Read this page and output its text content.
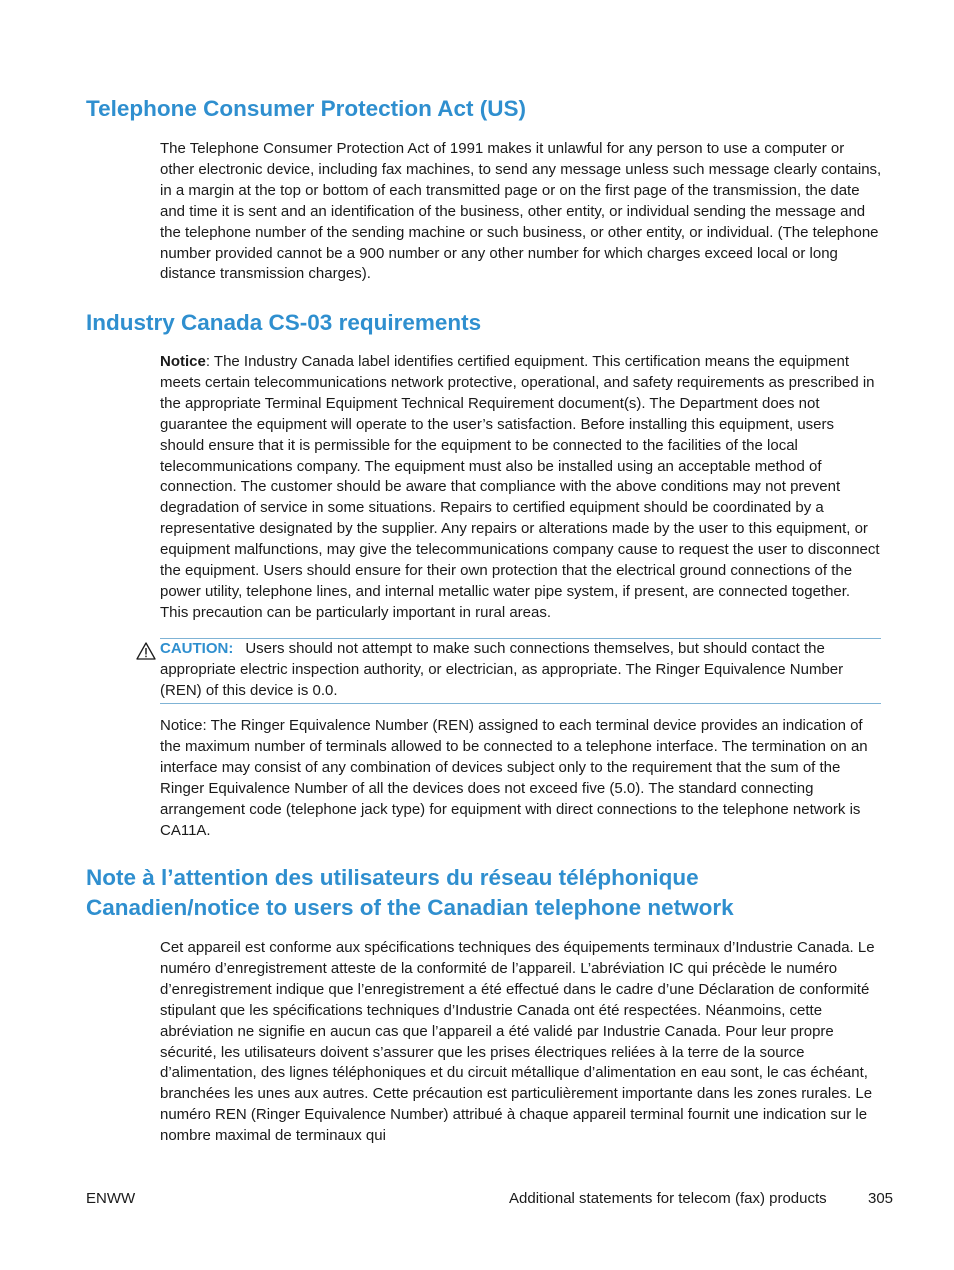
Telephone Consumer Protection Act (US)

The Telephone Consumer Protection Act of 1991 makes it unlawful for any person to use a computer or other electronic device, including fax machines, to send any message unless such message clearly contains, in a margin at the top or bottom of each transmitted page or on the first page of the transmission, the date and time it is sent and an identification of the business, other entity, or individual sending the message and the telephone number of the sending machine or such business, or other entity, or individual. (The telephone number provided cannot be a 900 number or any other number for which charges exceed local or long distance transmission charges).

Industry Canada CS-03 requirements

Notice: The Industry Canada label identifies certified equipment. This certification means the equipment meets certain telecommunications network protective, operational, and safety requirements as prescribed in the appropriate Terminal Equipment Technical Requirement document(s). The Department does not guarantee the equipment will operate to the user’s satisfaction. Before installing this equipment, users should ensure that it is permissible for the equipment to be connected to the facilities of the local telecommunications company. The equipment must also be installed using an acceptable method of connection. The customer should be aware that compliance with the above conditions may not prevent degradation of service in some situations. Repairs to certified equipment should be coordinated by a representative designated by the supplier. Any repairs or alterations made by the user to this equipment, or equipment malfunctions, may give the telecommunications company cause to request the user to disconnect the equipment. Users should ensure for their own protection that the electrical ground connections of the power utility, telephone lines, and internal metallic water pipe system, if present, are connected together. This precaution can be particularly important in rural areas.

CAUTION: Users should not attempt to make such connections themselves, but should contact the appropriate electric inspection authority, or electrician, as appropriate. The Ringer Equivalence Number (REN) of this device is 0.0.

Notice: The Ringer Equivalence Number (REN) assigned to each terminal device provides an indication of the maximum number of terminals allowed to be connected to a telephone interface. The termination on an interface may consist of any combination of devices subject only to the requirement that the sum of the Ringer Equivalence Number of all the devices does not exceed five (5.0). The standard connecting arrangement code (telephone jack type) for equipment with direct connections to the telephone network is CA11A.

Note à l’attention des utilisateurs du réseau téléphonique
Canadien/notice to users of the Canadian telephone network

Cet appareil est conforme aux spécifications techniques des équipements terminaux d’Industrie Canada. Le numéro d’enregistrement atteste de la conformité de l’appareil. L’abréviation IC qui précède le numéro d’enregistrement indique que l’enregistrement a été effectué dans le cadre d’une Déclaration de conformité stipulant que les spécifications techniques d’Industrie Canada ont été respectées. Néanmoins, cette abréviation ne signifie en aucun cas que l’appareil a été validé par Industrie Canada. Pour leur propre sécurité, les utilisateurs doivent s’assurer que les prises électriques reliées à la terre de la source d’alimentation, des lignes téléphoniques et du circuit métallique d’alimentation en eau sont, le cas échéant, branchées les unes aux autres. Cette précaution est particulièrement importante dans les zones rurales. Le numéro REN (Ringer Equivalence Number) attribué à chaque appareil terminal fournit une indication sur le nombre maximal de terminaux qui

ENWW	Additional statements for telecom (fax) products	305
